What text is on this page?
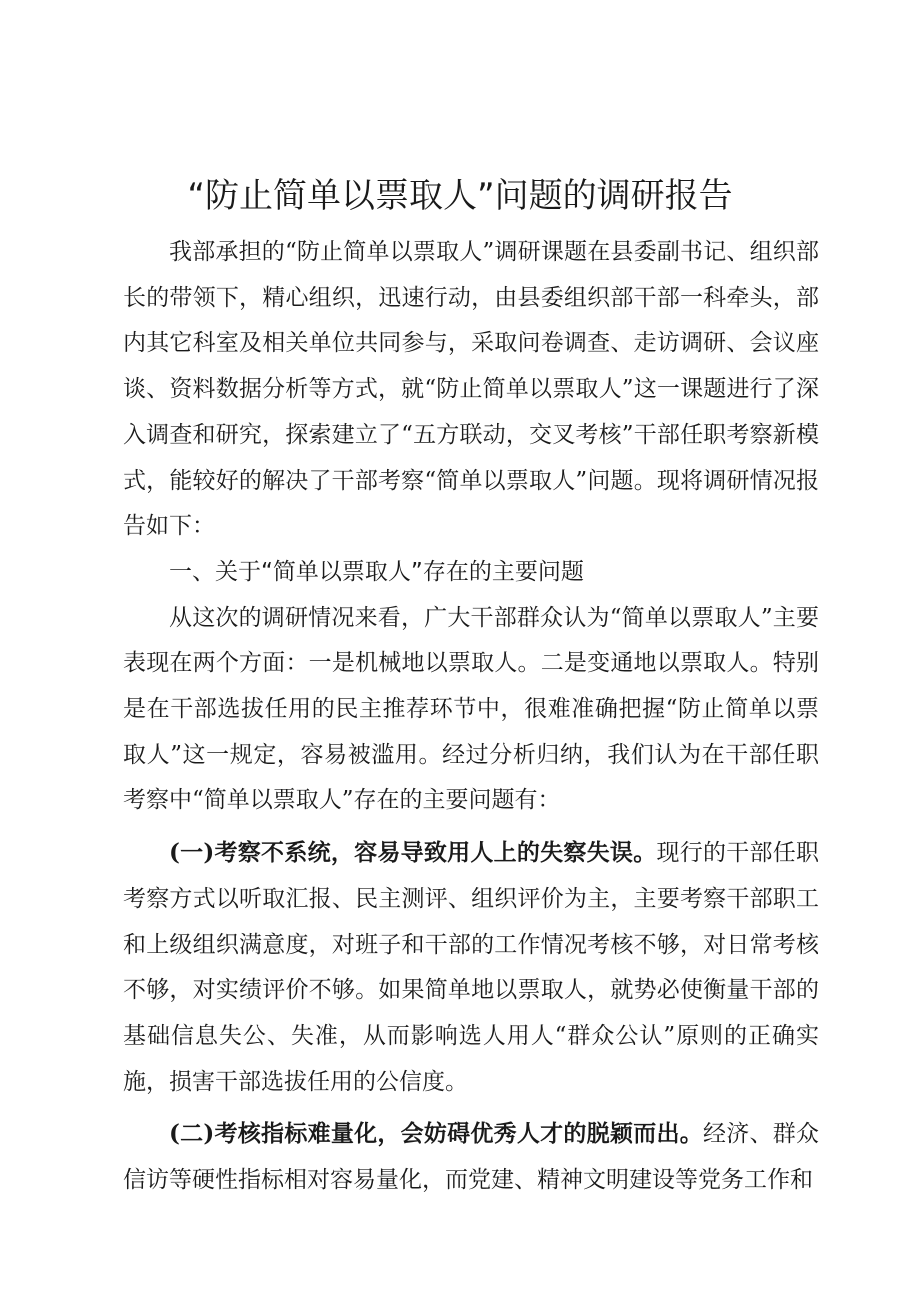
“防止简单以票取人”问题的调研报告

我部承担的“防止简单以票取人”调研课题在县委副书记、组织部长的带领下，精心组织，迅速行动，由县委组织部干部一科牵头，部内其它科室及相关单位共同参与，采取问卷调查、走访调研、会议座谈、资料数据分析等方式，就“防止简单以票取人”这一课题进行了深入调查和研究，探索建立了“五方联动，交叉考核”干部任职考察新模式，能较好的解决了干部考察“简单以票取人”问题。现将调研情况报告如下：

一、关于“简单以票取人”存在的主要问题

从这次的调研情况来看，广大干部群众认为“简单以票取人”主要表现在两个方面：一是机械地以票取人。二是变通地以票取人。特别是在干部选拔任用的民主推荐环节中，很难准确把握“防止简单以票取人”这一规定，容易被滥用。经过分析归纳，我们认为在干部任职考察中“简单以票取人”存在的主要问题有：

(一)考察不系统，容易导致用人上的失察失误。现行的干部任职考察方式以听取汇报、民主测评、组织评价为主，主要考察干部职工和上级组织满意度，对班子和干部的工作情况考核不够，对日常考核不够，对实绩评价不够。如果简单地以票取人，就势必使衡量干部的基础信息失公、失准，从而影响选人用人“群众公认”原则的正确实施，损害干部选拔任用的公信度。

(二)考核指标难量化，会妨碍优秀人才的脱颖而出。经济、群众信访等硬性指标相对容易量化，而党建、精神文明建设等党务工作和
